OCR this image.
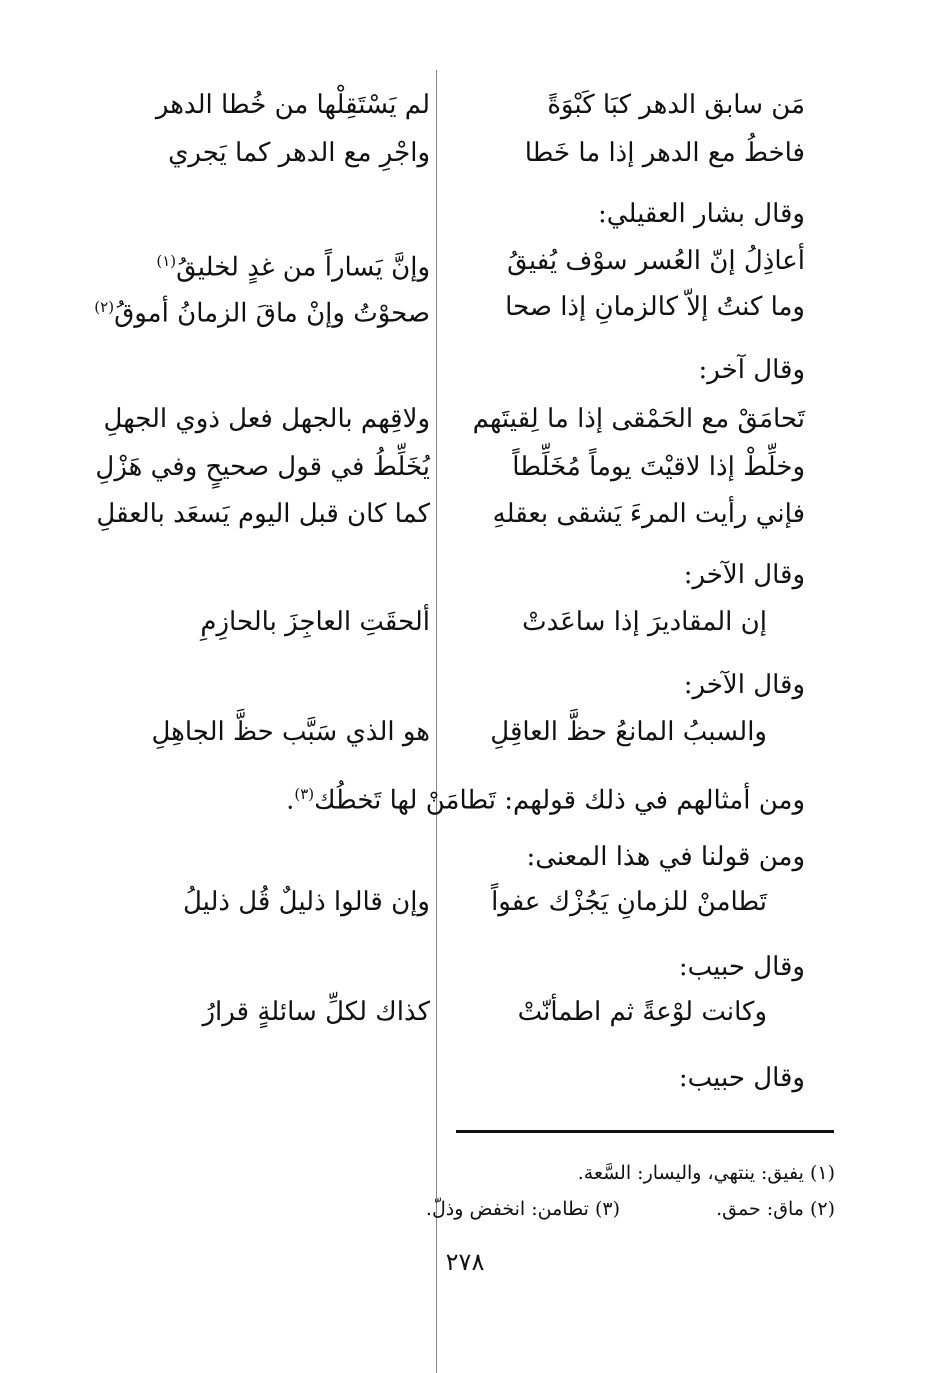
مَن سابق الدهر كبَا كَبْوَةً
لم يَسْتَقِلْها من خُطا الدهر
فاخطُ مع الدهر إذا ما خَطا
واجْرِ مع الدهر كما يَجري
وقال بشار العقيلي:
أعاذِلُ إنّ العُسر سوْف يُفيقُ
وإنَّ يَساراً من غدٍ لخليقُ$^{(١)}$
وما كنتُ إلاّ كالزمانِ إذا صحا
صحوْتُ وإنْ ماقَ الزمانُ أموقُ$^{(٢)}$
وقال آخر:
تَحامَقْ مع الحَمْقى إذا ما لِقيتَهم
ولاقِهم بالجهل فعل ذوي الجهلِ
وخلِّطْ إذا لاقيْتَ يوماً مُخَلِّطاً
يُخَلِّطُ في قول صحيحٍ وفي هَزْلِ
فإني رأيت المرءَ يَشقى بعقلهِ
كما كان قبل اليوم يَسعَد بالعقلِ
وقال الآخر:
إن المقاديرَ إذا ساعَدتْ
ألحقَتِ العاجِزَ بالحازِمِ
وقال الآخر:
والسببُ المانعُ حظَّ العاقِلِ
هو الذي سَبَّب حظَّ الجاهِلِ
ومن أمثالهم في ذلك قولهم: تَطامَنْ لها تَخطُك$^{(٣)}$.
ومن قولنا في هذا المعنى:
تَطامنْ للزمانِ يَجُزْك عفواً
وإن قالوا ذليلٌ قُل ذليلُ
وقال حبيب:
وكانت لوْعةً ثم اطمأنّتْ
كذاك لكلِّ سائلةٍ قرارُ
وقال حبيب:
(١) يفيق: ينتهي، واليسار: السَّعة.
(٢) ماق: حمق.
(٣) تطامن: انخفض وذلّ.
٢٧٨
